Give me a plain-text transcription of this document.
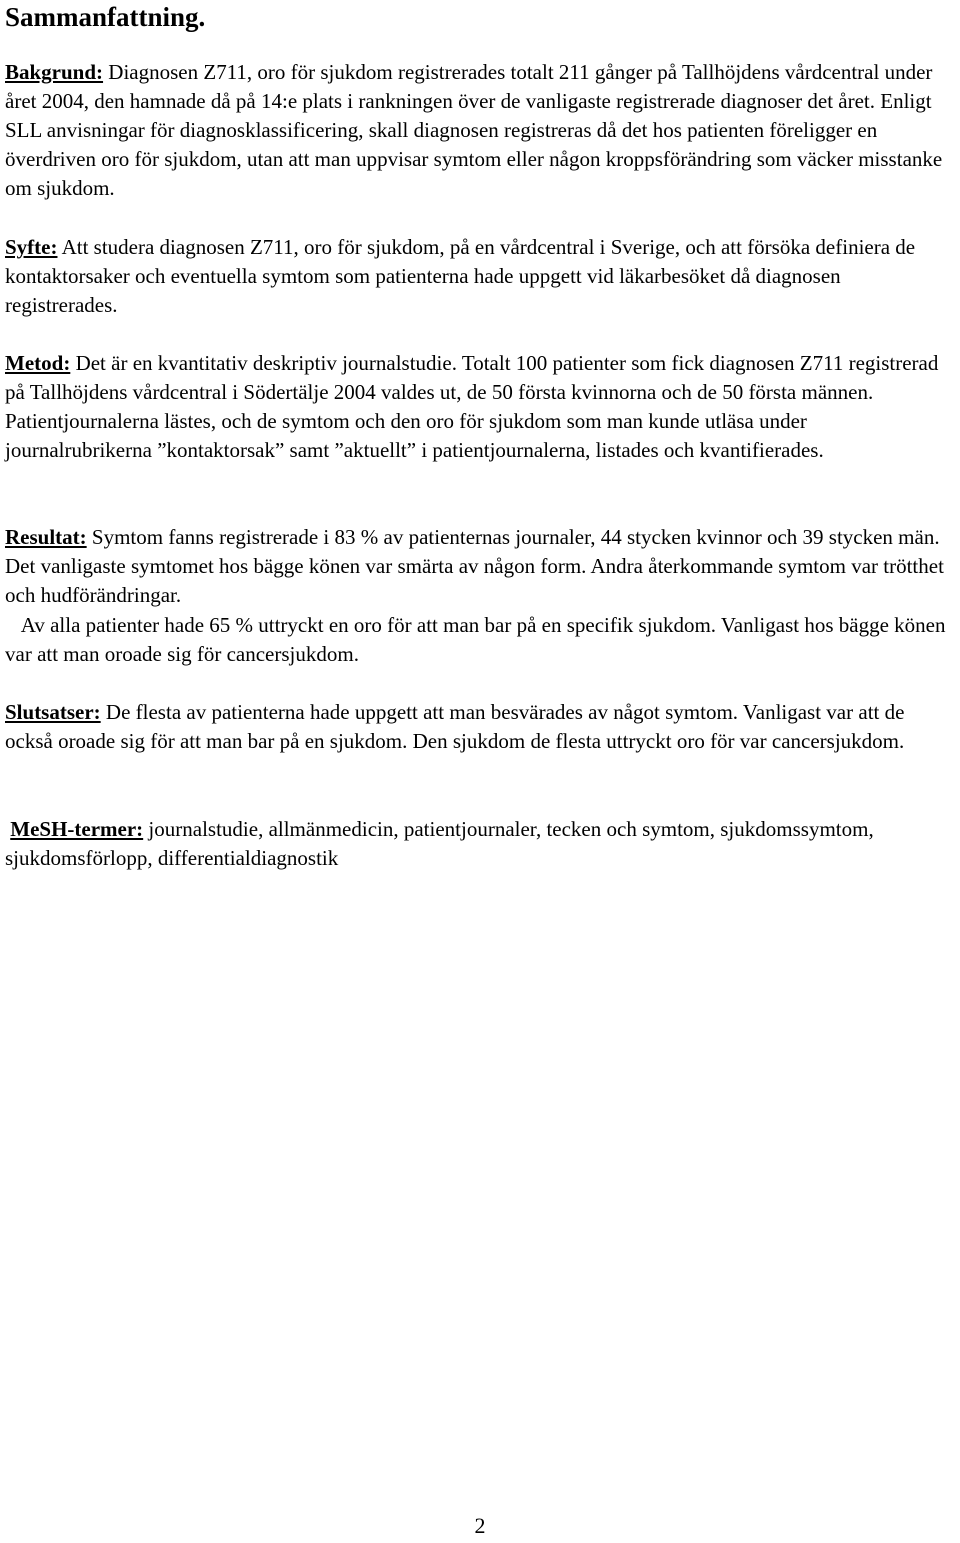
Sammanfattning.

Bakgrund: Diagnosen Z711, oro för sjukdom registrerades totalt 211 gånger på Tallhöjdens vårdcentral under året 2004, den hamnade då på 14:e plats i rankningen över de vanligaste registrerade diagnoser det året. Enligt SLL anvisningar för diagnosklassificering, skall diagnosen registreras då det hos patienten föreligger en överdriven oro för sjukdom, utan att man uppvisar symtom eller någon kroppsförändring som väcker misstanke om sjukdom.

Syfte: Att studera diagnosen Z711, oro för sjukdom, på en vårdcentral i Sverige, och att försöka definiera de kontaktorsaker och eventuella symtom som patienterna hade uppgett vid läkarbesöket då diagnosen registrerades.

Metod: Det är en kvantitativ deskriptiv journalstudie. Totalt 100 patienter som fick diagnosen Z711 registrerad på Tallhöjdens vårdcentral i Södertälje 2004 valdes ut, de 50 första kvinnorna och de 50 första männen. Patientjournalerna lästes, och de symtom och den oro för sjukdom som man kunde utläsa under journalrubrikerna ”kontaktorsak” samt ”aktuellt” i patientjournalerna, listades och kvantifierades.

Resultat: Symtom fanns registrerade i 83 % av patienternas journaler, 44 stycken kvinnor och 39 stycken män. Det vanligaste symtomet hos bägge könen var smärta av någon form. Andra återkommande symtom var trötthet och hudförändringar.

Av alla patienter hade 65 % uttryckt en oro för att man bar på en specifik sjukdom. Vanligast hos bägge könen var att man oroade sig för cancersjukdom.

Slutsatser: De flesta av patienterna hade uppgett att man besvärades av något symtom. Vanligast var att de också oroade sig för att man bar på en sjukdom. Den sjukdom de flesta uttryckt oro för var cancersjukdom.

MeSH-termer: journalstudie, allmänmedicin, patientjournaler, tecken och symtom, sjukdomssymtom, sjukdomsförlopp, differentialdiagnostik

2
